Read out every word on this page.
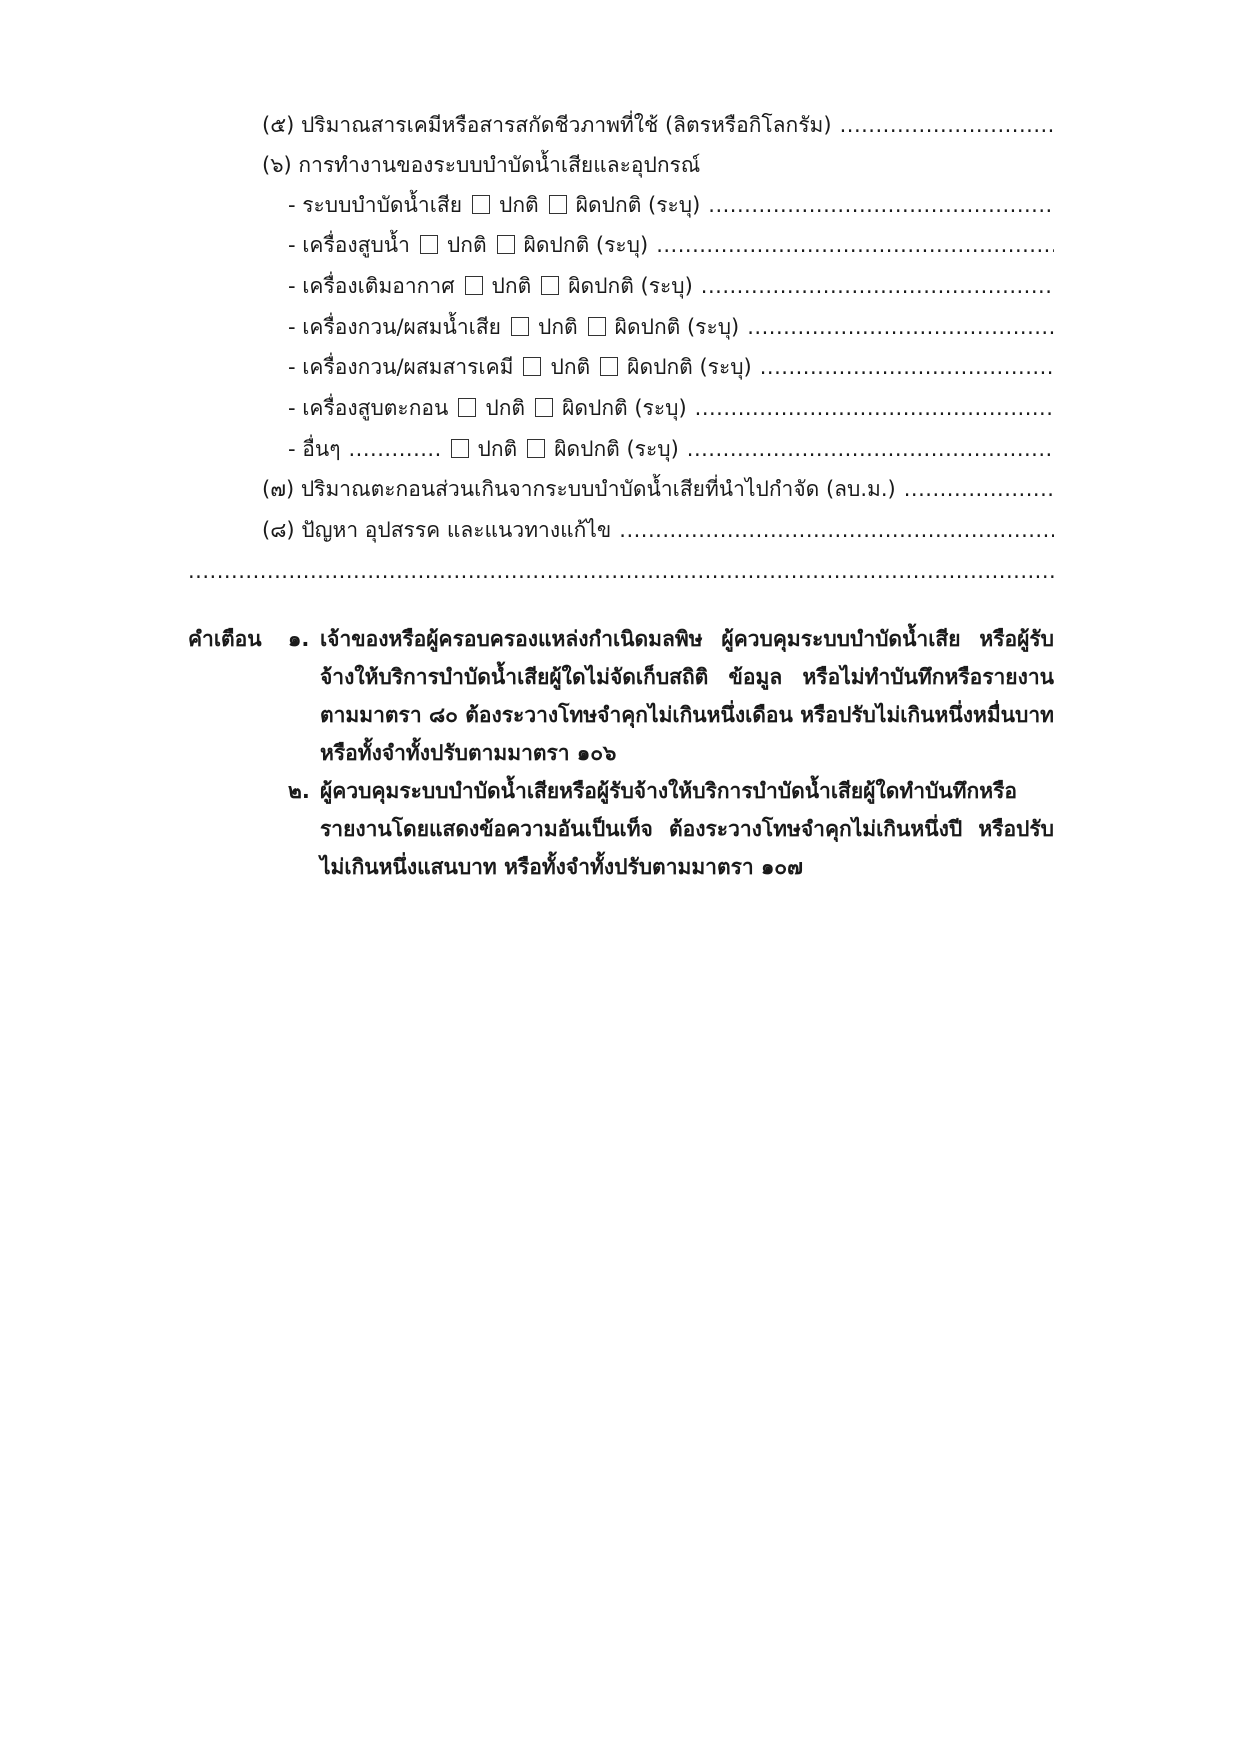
(๕) ปริมาณสารเคมีหรือสารสกัดชีวภาพที่ใช้ (ลิตรหรือกิโลกรัม)
.....
(๖) การทำงานของระบบบำบัดน้ำเสียและอุปกรณ์
- ระบบบำบัดน้ำเสีย ปกติ ผิดปกติ (ระบุ)
.....
- เครื่องสูบน้ำ ปกติ ผิดปกติ (ระบุ)
.....
- เครื่องเติมอากาศ ปกติ ผิดปกติ (ระบุ)
.....
- เครื่องกวน/ผสมน้ำเสีย ปกติ ผิดปกติ (ระบุ)
.....
- เครื่องกวน/ผสมสารเคมี ปกติ ผิดปกติ (ระบุ)
.....
- เครื่องสูบตะกอน ปกติ ผิดปกติ (ระบุ)
.....
- อื่นๆ
.....	ปกติ ผิดปกติ (ระบุ)
.....
(๗) ปริมาณตะกอนส่วนเกินจากระบบบำบัดน้ำเสียที่นำไปกำจัด (ลบ.ม.)
.....
(๘) ปัญหา อุปสรรค และแนวทางแก้ไข
.....
.....
คำเตือน ๑. เจ้าของหรือผู้ครอบครองแหล่งกำเนิดมลพิษ ผู้ควบคุมระบบบำบัดน้ำเสีย หรือผู้รับจ้างให้บริการบำบัดน้ำเสียผู้ใดไม่จัดเก็บสถิติ ข้อมูล หรือไม่ทำบันทึกหรือรายงานตามมาตรา ๘๐ ต้องระวางโทษจำคุกไม่เกินหนึ่งเดือน หรือปรับไม่เกินหนึ่งหมื่นบาทหรือทั้งจำทั้งปรับตามมาตรา ๑๐๖
๒. ผู้ควบคุมระบบบำบัดน้ำเสียหรือผู้รับจ้างให้บริการบำบัดน้ำเสียผู้ใดทำบันทึกหรือรายงานโดยแสดงข้อความอันเป็นเท็จ ต้องระวางโทษจำคุกไม่เกินหนึ่งปี หรือปรับไม่เกินหนึ่งแสนบาท หรือทั้งจำทั้งปรับตามมาตรา ๑๐๗
